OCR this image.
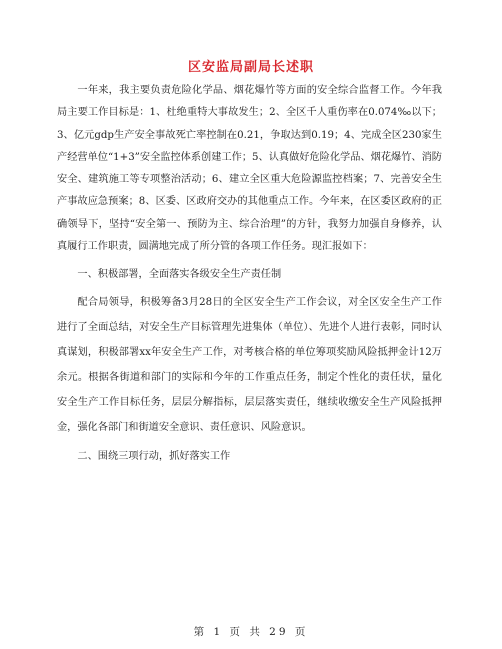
区安监局副局长述职

一年来，我主要负责危险化学品、烟花爆竹等方面的安全综合监督工作。今年我局主要工作目标是：1、杜绝重特大事故发生；2、全区千人重伤率在0.074‰以下；3、亿元gdp生产安全事故死亡率控制在0.21，争取达到0.19；4、完成全区230家生产经营单位“1+3”安全监控体系创建工作；5、认真做好危险化学品、烟花爆竹、消防安全、建筑施工等专项整治活动；6、建立全区重大危险源监控档案；7、完善安全生产事故应急预案；8、区委、区政府交办的其他重点工作。今年来，在区委区政府的正确领导下，坚持“安全第一、预防为主、综合治理”的方针，我努力加强自身修养，认真履行工作职责，圆满地完成了所分管的各项工作任务。现汇报如下：

一、积极部署，全面落实各级安全生产责任制

配合局领导，积极筹备3月28日的全区安全生产工作会议，对全区安全生产工作进行了全面总结，对安全生产目标管理先进集体（单位）、先进个人进行表彰，同时认真谋划，积极部署xx年安全生产工作，对考核合格的单位筹项奖励风险抵押金计12万余元。根据各街道和部门的实际和今年的工作重点任务，制定个性化的责任状，量化安全生产工作目标任务，层层分解指标，层层落实责任，继续收缴安全生产风险抵押金，强化各部门和街道安全意识、责任意识、风险意识。

二、围绕三项行动，抓好落实工作

第 1 页 共 29 页
